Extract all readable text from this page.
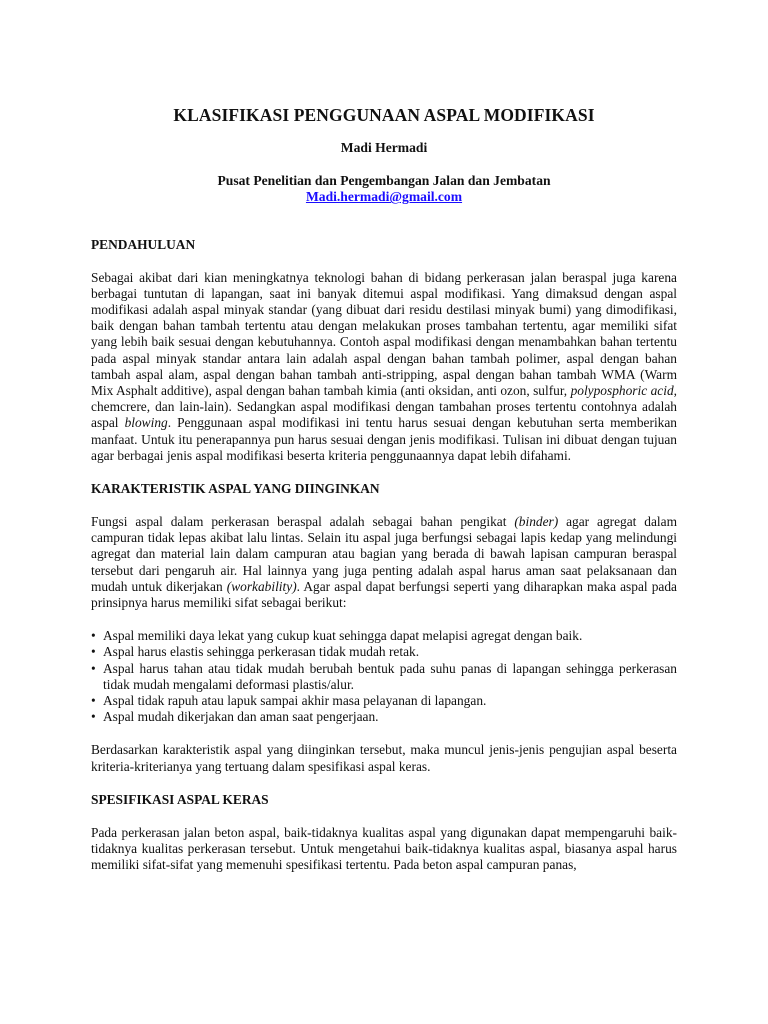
KLASIFIKASI PENGGUNAAN ASPAL MODIFIKASI
Madi Hermadi
Pusat Penelitian dan Pengembangan Jalan dan Jembatan
Madi.hermadi@gmail.com
PENDAHULUAN

Sebagai akibat dari kian meningkatnya teknologi bahan di bidang perkerasan jalan beraspal juga karena berbagai tuntutan di lapangan, saat ini banyak ditemui aspal modifikasi. Yang dimaksud dengan aspal modifikasi adalah aspal minyak standar (yang dibuat dari residu destilasi minyak bumi) yang dimodifikasi, baik dengan bahan tambah tertentu atau dengan melakukan proses tambahan tertentu, agar memiliki sifat yang lebih baik sesuai dengan kebutuhannya. Contoh aspal modifikasi dengan menambahkan bahan tertentu pada aspal minyak standar antara lain adalah aspal dengan bahan tambah polimer, aspal dengan bahan tambah aspal alam, aspal dengan bahan tambah anti-stripping, aspal dengan bahan tambah WMA (Warm Mix Asphalt additive), aspal dengan bahan tambah kimia (anti oksidan, anti ozon, sulfur, polyposphoric acid, chemcrere, dan lain-lain). Sedangkan aspal modifikasi dengan tambahan proses tertentu contohnya adalah aspal blowing. Penggunaan aspal modifikasi ini tentu harus sesuai dengan kebutuhan serta memberikan manfaat. Untuk itu penerapannya pun harus sesuai dengan jenis modifikasi. Tulisan ini dibuat dengan tujuan agar berbagai jenis aspal modifikasi beserta kriteria penggunaannya dapat lebih difahami.

KARAKTERISTIK ASPAL YANG DIINGINKAN

Fungsi aspal dalam perkerasan beraspal adalah sebagai bahan pengikat (binder) agar agregat dalam campuran tidak lepas akibat lalu lintas. Selain itu aspal juga berfungsi sebagai lapis kedap yang melindungi agregat dan material lain dalam campuran atau bagian yang berada di bawah lapisan campuran beraspal tersebut dari pengaruh air. Hal lainnya yang juga penting adalah aspal harus aman saat pelaksanaan dan mudah untuk dikerjakan (workability). Agar aspal dapat berfungsi seperti yang diharapkan maka aspal pada prinsipnya harus memiliki sifat sebagai berikut:

• Aspal memiliki daya lekat yang cukup kuat sehingga dapat melapisi agregat dengan baik.
• Aspal harus elastis sehingga perkerasan tidak mudah retak.
• Aspal harus tahan atau tidak mudah berubah bentuk pada suhu panas di lapangan sehingga perkerasan tidak mudah mengalami deformasi plastis/alur.
• Aspal tidak rapuh atau lapuk sampai akhir masa pelayanan di lapangan.
• Aspal mudah dikerjakan dan aman saat pengerjaan.

Berdasarkan karakteristik aspal yang diinginkan tersebut, maka muncul jenis-jenis pengujian aspal beserta kriteria-kriterianya yang tertuang dalam spesifikasi aspal keras.

SPESIFIKASI ASPAL KERAS

Pada perkerasan jalan beton aspal, baik-tidaknya kualitas aspal yang digunakan dapat mempengaruhi baik-tidaknya kualitas perkerasan tersebut. Untuk mengetahui baik-tidaknya kualitas aspal, biasanya aspal harus memiliki sifat-sifat yang memenuhi spesifikasi tertentu. Pada beton aspal campuran panas,
